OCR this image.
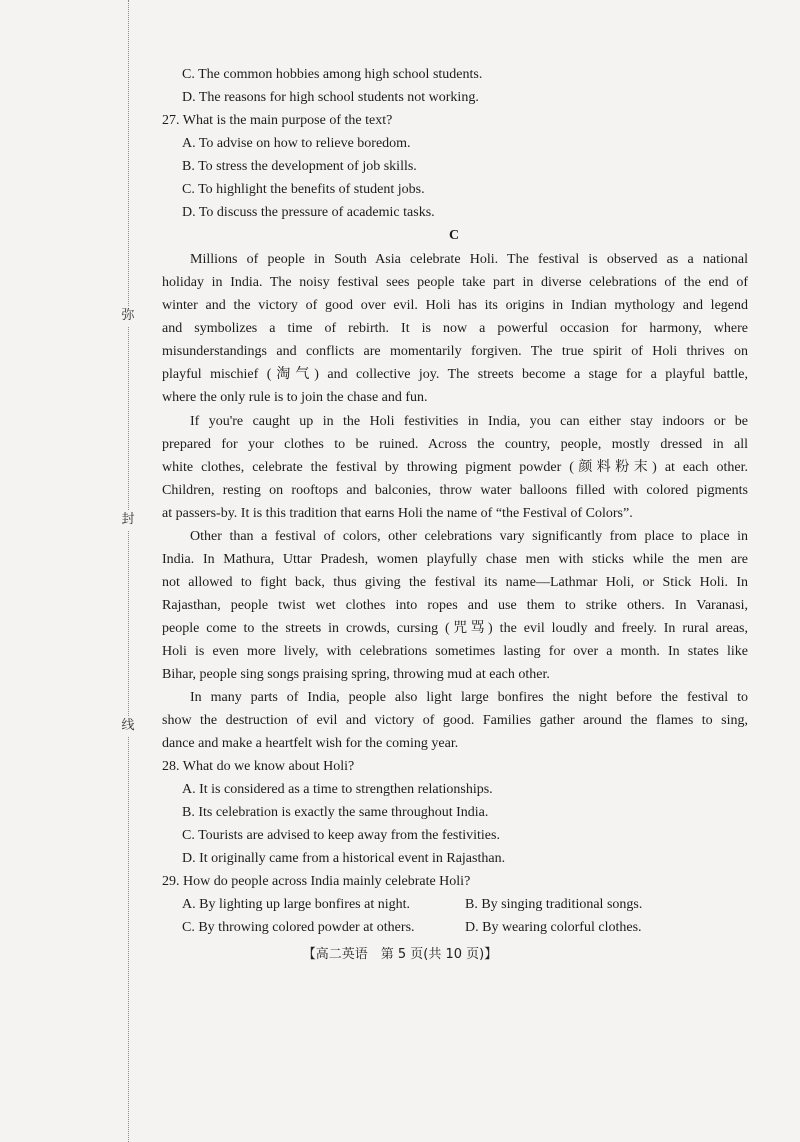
弥
封
线
C. The common hobbies among high school students.
D. The reasons for high school students not working.
27. What is the main purpose of the text?
A. To advise on how to relieve boredom.
B. To stress the development of job skills.
C. To highlight the benefits of student jobs.
D. To discuss the pressure of academic tasks.
C
Millions of people in South Asia celebrate Holi. The festival is observed as a national
holiday in India. The noisy festival sees people take part in diverse celebrations of the end of
winter and the victory of good over evil. Holi has its origins in Indian mythology and legend
and symbolizes a time of rebirth. It is now a powerful occasion for harmony, where
misunderstandings and conflicts are momentarily forgiven. The true spirit of Holi thrives on
playful mischief (淘气) and collective joy. The streets become a stage for a playful battle,
where the only rule is to join the chase and fun.
If you're caught up in the Holi festivities in India, you can either stay indoors or be
prepared for your clothes to be ruined. Across the country, people, mostly dressed in all
white clothes, celebrate the festival by throwing pigment powder (颜料粉末) at each other.
Children, resting on rooftops and balconies, throw water balloons filled with colored pigments
at passers-by. It is this tradition that earns Holi the name of “the Festival of Colors”.
Other than a festival of colors, other celebrations vary significantly from place to place in
India. In Mathura, Uttar Pradesh, women playfully chase men with sticks while the men are
not allowed to fight back, thus giving the festival its name—Lathmar Holi, or Stick Holi. In
Rajasthan, people twist wet clothes into ropes and use them to strike others. In Varanasi,
people come to the streets in crowds, cursing (咒骂) the evil loudly and freely. In rural areas,
Holi is even more lively, with celebrations sometimes lasting for over a month. In states like
Bihar, people sing songs praising spring, throwing mud at each other.
In many parts of India, people also light large bonfires the night before the festival to
show the destruction of evil and victory of good. Families gather around the flames to sing,
dance and make a heartfelt wish for the coming year.
28. What do we know about Holi?
A. It is considered as a time to strengthen relationships.
B. Its celebration is exactly the same throughout India.
C. Tourists are advised to keep away from the festivities.
D. It originally came from a historical event in Rajasthan.
29. How do people across India mainly celebrate Holi?
A. By lighting up large bonfires at night.	B. By singing traditional songs.
C. By throwing colored powder at others.	D. By wearing colorful clothes.
【高二英语　第 5 页(共 10 页)】
